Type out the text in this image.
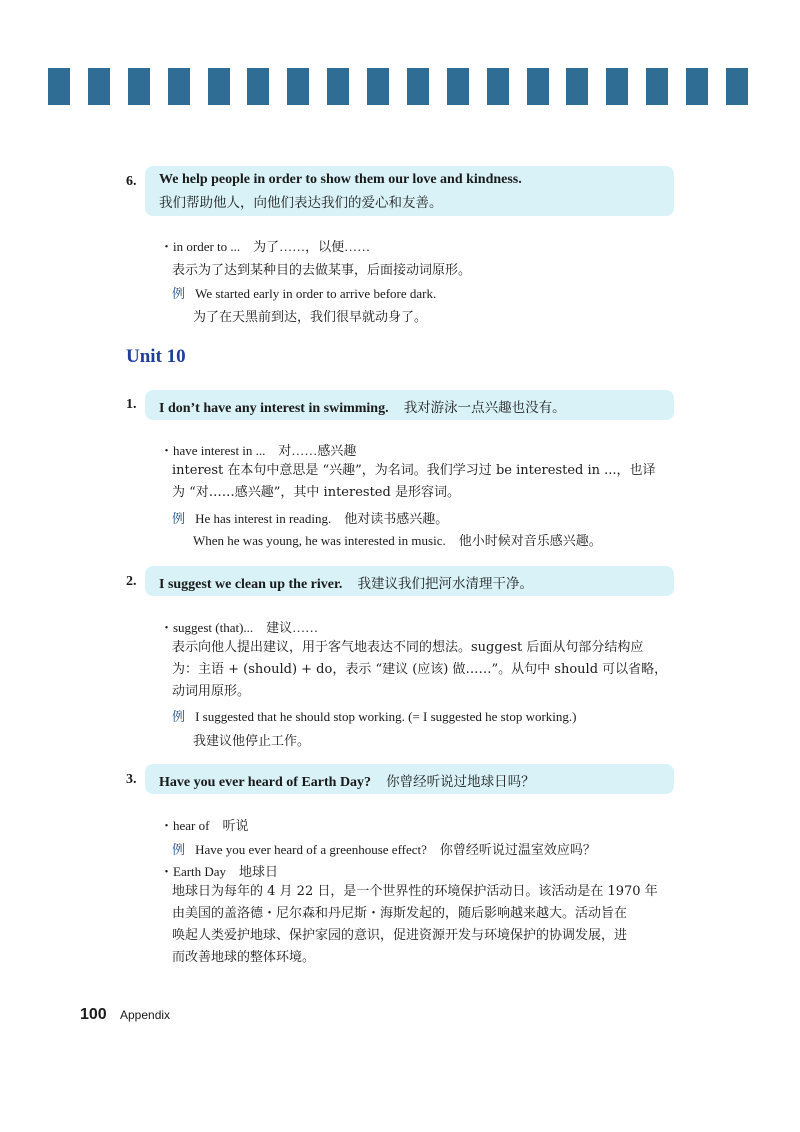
6. We help people in order to show them our love and kindness.
我们帮助他人，向他们表达我们的爱心和友善。
・in order to ...　为了……，以便……
表示为了达到某种目的去做某事，后面接动词原形。
例 We started early in order to arrive before dark.
为了在天黑前到达，我们很早就动身了。
Unit 10
1.	I don’t have any interest in swimming. 我对游泳一点兴趣也没有。
・have interest in ...　对……感兴趣
interest 在本句中意思是 “兴趣”，为名词。我们学习过 be interested in ...，也译
为 “对……感兴趣”，其中 interested 是形容词。
例 He has interest in reading.　他对读书感兴趣。
When he was young, he was interested in music.　他小时候对音乐感兴趣。
2.	I suggest we clean up the river. 我建议我们把河水清理干净。
・suggest (that)...　建议……
表示向他人提出建议，用于客气地表达不同的想法。suggest 后面从句部分结构应
为：主语 + (should) + do，表示 “建议 (应该) 做……”。从句中 should 可以省略，
动词用原形。
例 I suggested that he should stop working. (= I suggested he stop working.)
我建议他停止工作。
3.	Have you ever heard of Earth Day? 你曾经听说过地球日吗？
・hear of　听说
例 Have you ever heard of a greenhouse effect?　你曾经听说过温室效应吗？
・Earth Day　地球日
地球日为每年的 4 月 22 日，是一个世界性的环境保护活动日。该活动是在 1970 年
由美国的盖洛德・尼尔森和丹尼斯・海斯发起的，随后影响越来越大。活动旨在
唤起人类爱护地球、保护家园的意识，促进资源开发与环境保护的协调发展，进
而改善地球的整体环境。
100 Appendix
